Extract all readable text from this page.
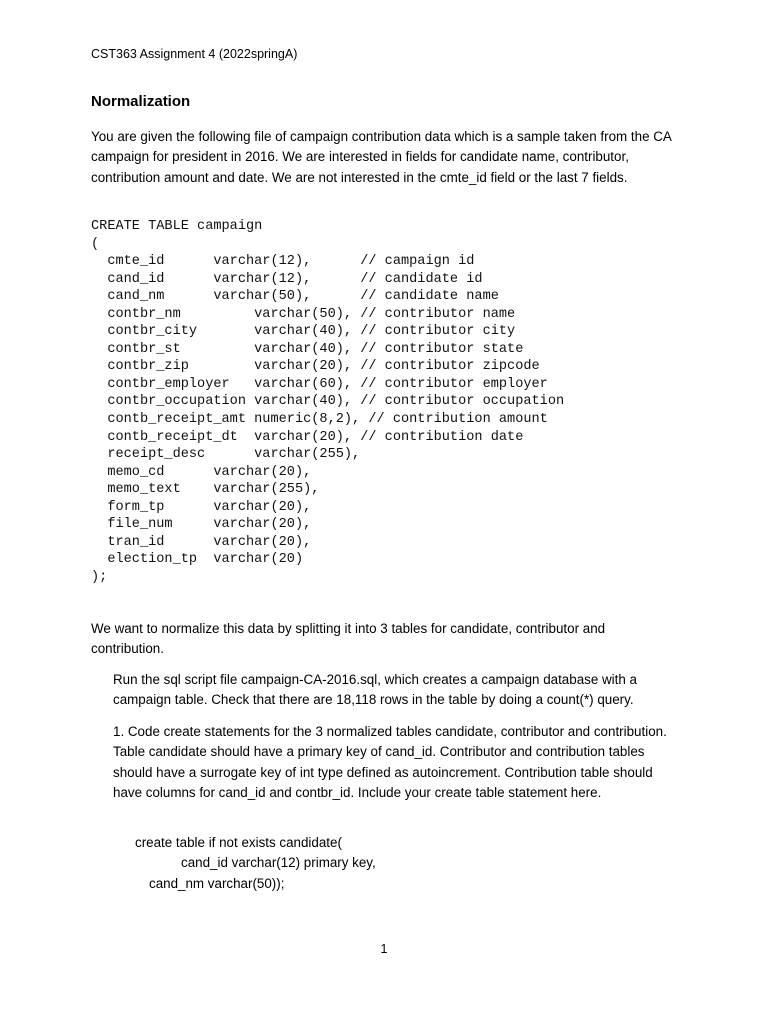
CST363 Assignment 4 (2022springA)
Normalization

You are given the following file of campaign contribution data which is a sample taken from the CA campaign for president in 2016. We are interested in fields for candidate name, contributor, contribution amount and date. We are not interested in the cmte_id field or the last 7 fields.

CREATE TABLE campaign
(
cmte_id      varchar(12),      // campaign id
cand_id      varchar(12),      // candidate id
cand_nm      varchar(50),      // candidate name
contbr_nm         varchar(50), // contributor name
contbr_city       varchar(40), // contributor city
contbr_st         varchar(40), // contributor state
contbr_zip        varchar(20), // contributor zipcode
contbr_employer   varchar(60), // contributor employer
contbr_occupation varchar(40), // contributor occupation
contb_receipt_amt numeric(8,2), // contribution amount
contb_receipt_dt  varchar(20), // contribution date
receipt_desc      varchar(255),
memo_cd      varchar(20),
memo_text    varchar(255),
form_tp      varchar(20),
file_num     varchar(20),
tran_id      varchar(20),
election_tp  varchar(20)
);

We want to normalize this data by splitting it into 3 tables for candidate, contributor and contribution.

Run the sql script file campaign-CA-2016.sql, which creates a campaign database with a campaign table. Check that there are 18,118 rows in the table by doing a count(*) query.

1. Code create statements for the 3 normalized tables candidate, contributor and contribution. Table candidate should have a primary key of cand_id. Contributor and contribution tables should have a surrogate key of int type defined as autoincrement. Contribution table should have columns for cand_id and contbr_id. Include your create table statement here.

create table if not exists candidate(
cand_id varchar(12) primary key,
cand_nm varchar(50));
1
